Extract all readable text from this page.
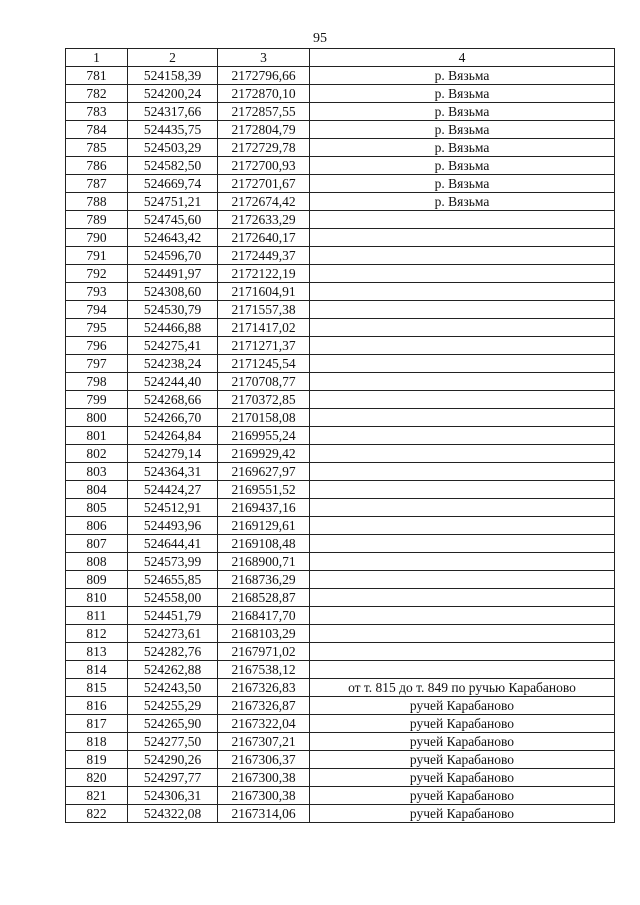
95
1	2	3	4
781	524158,39	2172796,66	р. Вязьма
782	524200,24	2172870,10	р. Вязьма
783	524317,66	2172857,55	р. Вязьма
784	524435,75	2172804,79	р. Вязьма
785	524503,29	2172729,78	р. Вязьма
786	524582,50	2172700,93	р. Вязьма
787	524669,74	2172701,67	р. Вязьма
788	524751,21	2172674,42	р. Вязьма
789	524745,60	2172633,29	
790	524643,42	2172640,17	
791	524596,70	2172449,37	
792	524491,97	2172122,19	
793	524308,60	2171604,91	
794	524530,79	2171557,38	
795	524466,88	2171417,02	
796	524275,41	2171271,37	
797	524238,24	2171245,54	
798	524244,40	2170708,77	
799	524268,66	2170372,85	
800	524266,70	2170158,08	
801	524264,84	2169955,24	
802	524279,14	2169929,42	
803	524364,31	2169627,97	
804	524424,27	2169551,52	
805	524512,91	2169437,16	
806	524493,96	2169129,61	
807	524644,41	2169108,48	
808	524573,99	2168900,71	
809	524655,85	2168736,29	
810	524558,00	2168528,87	
811	524451,79	2168417,70	
812	524273,61	2168103,29	
813	524282,76	2167971,02	
814	524262,88	2167538,12	
815	524243,50	2167326,83	от т. 815 до т. 849 по ручью Карабаново
816	524255,29	2167326,87	ручей Карабаново
817	524265,90	2167322,04	ручей Карабаново
818	524277,50	2167307,21	ручей Карабаново
819	524290,26	2167306,37	ручей Карабаново
820	524297,77	2167300,38	ручей Карабаново
821	524306,31	2167300,38	ручей Карабаново
822	524322,08	2167314,06	ручей Карабаново
